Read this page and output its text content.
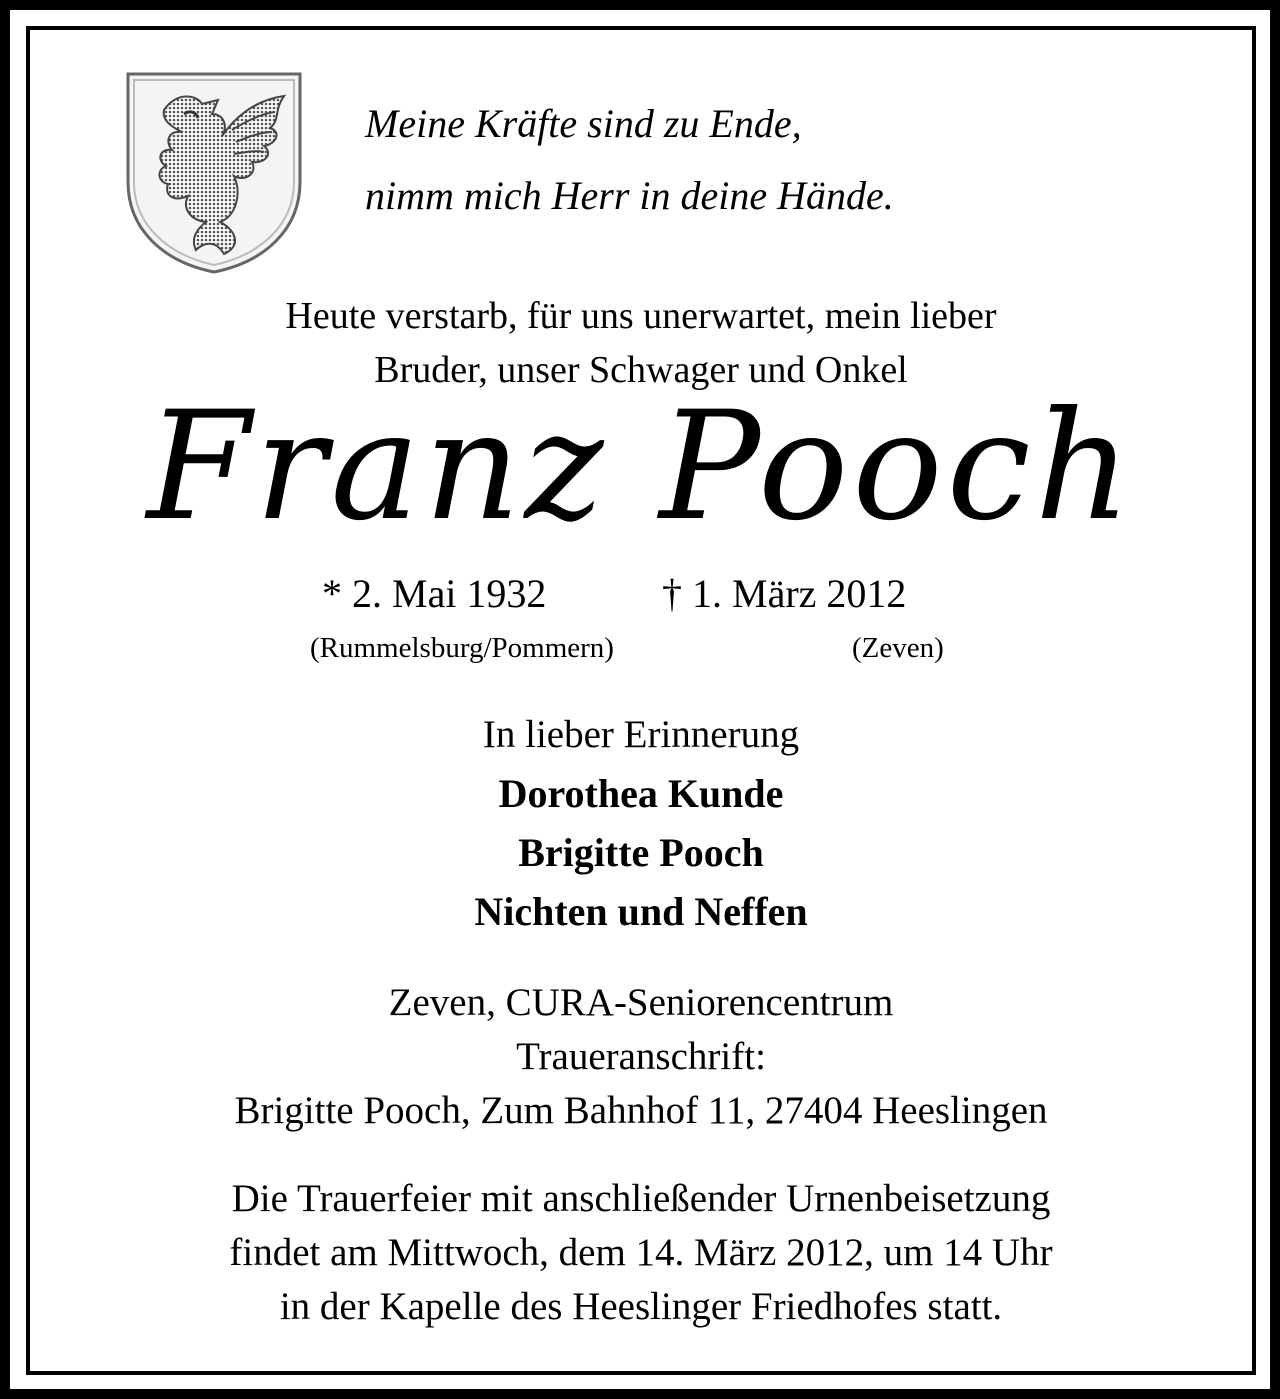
Meine Kräfte sind zu Ende,
nimm mich Herr in deine Hände.
Heute verstarb, für uns unerwartet, mein lieber
Bruder, unser Schwager und Onkel
Franz Pooch
* 2. Mai 1932	† 1. März 2012
(Rummelsburg/Pommern)	(Zeven)
In lieber Erinnerung
Dorothea Kunde
Brigitte Pooch
Nichten und Neffen
Zeven, CURA-Seniorencentrum
Traueranschrift:
Brigitte Pooch, Zum Bahnhof 11, 27404 Heeslingen
Die Trauerfeier mit anschließender Urnenbeisetzung
findet am Mittwoch, dem 14. März 2012, um 14 Uhr
in der Kapelle des Heeslinger Friedhofes statt.
